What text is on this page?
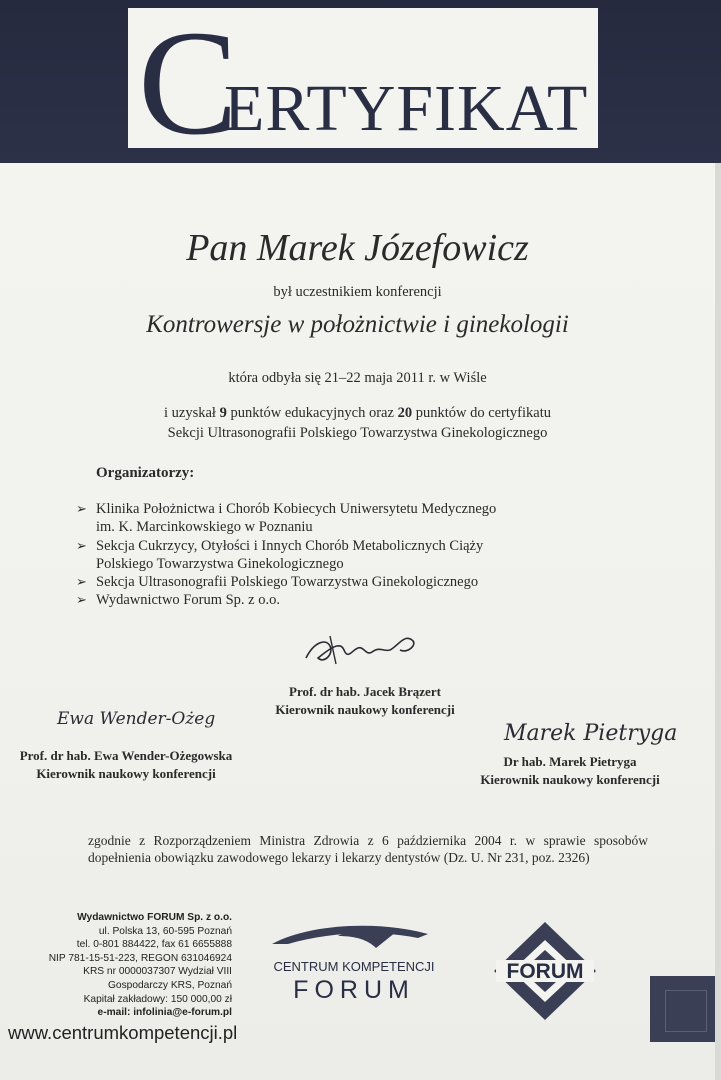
C
ERTYFIKAT
Pan Marek Józefowicz
był uczestnikiem konferencji
Kontrowersje w położnictwie i ginekologii
która odbyła się 21–22 maja 2011 r. w Wiśle
i uzyskał 9 punktów edukacyjnych oraz 20 punktów do certyfikatu
Sekcji Ultrasonografii Polskiego Towarzystwa Ginekologicznego
Organizatorzy:
➢ Klinika Położnictwa i Chorób Kobiecych Uniwersytetu Medycznego
im. K. Marcinkowskiego w Poznaniu
➢ Sekcja Cukrzycy, Otyłości i Innych Chorób Metabolicznych Ciąży
Polskiego Towarzystwa Ginekologicznego
➢ Sekcja Ultrasonografii Polskiego Towarzystwa Ginekologicznego
➢ Wydawnictwo Forum Sp. z o.o.
Prof. dr hab. Jacek Brązert
Kierownik naukowy konferencji
Ewa Wender-Ożeg
Prof. dr hab. Ewa Wender-Ożegowska
Kierownik naukowy konferencji
Marek Pietryga
Dr hab. Marek Pietryga
Kierownik naukowy konferencji
zgodnie z Rozporządzeniem Ministra Zdrowia z 6 października 2004 r. w sprawie sposobów dopełnienia obowiązku zawodowego lekarzy i lekarzy dentystów (Dz. U. Nr 231, poz. 2326)
Wydawnictwo FORUM Sp. z o.o.
ul. Polska 13, 60-595 Poznań
tel. 0-801 884422, fax 61 6655888
NIP 781-15-51-223, REGON 631046924
KRS nr 0000037307 Wydział VIII
Gospodarczy KRS, Poznań
Kapitał zakładowy: 150 000,00 zł
e-mail: infolinia@e-forum.pl
www.centrumkompetencji.pl
CENTRUM KOMPETENCJI
FORUM
FORUM
